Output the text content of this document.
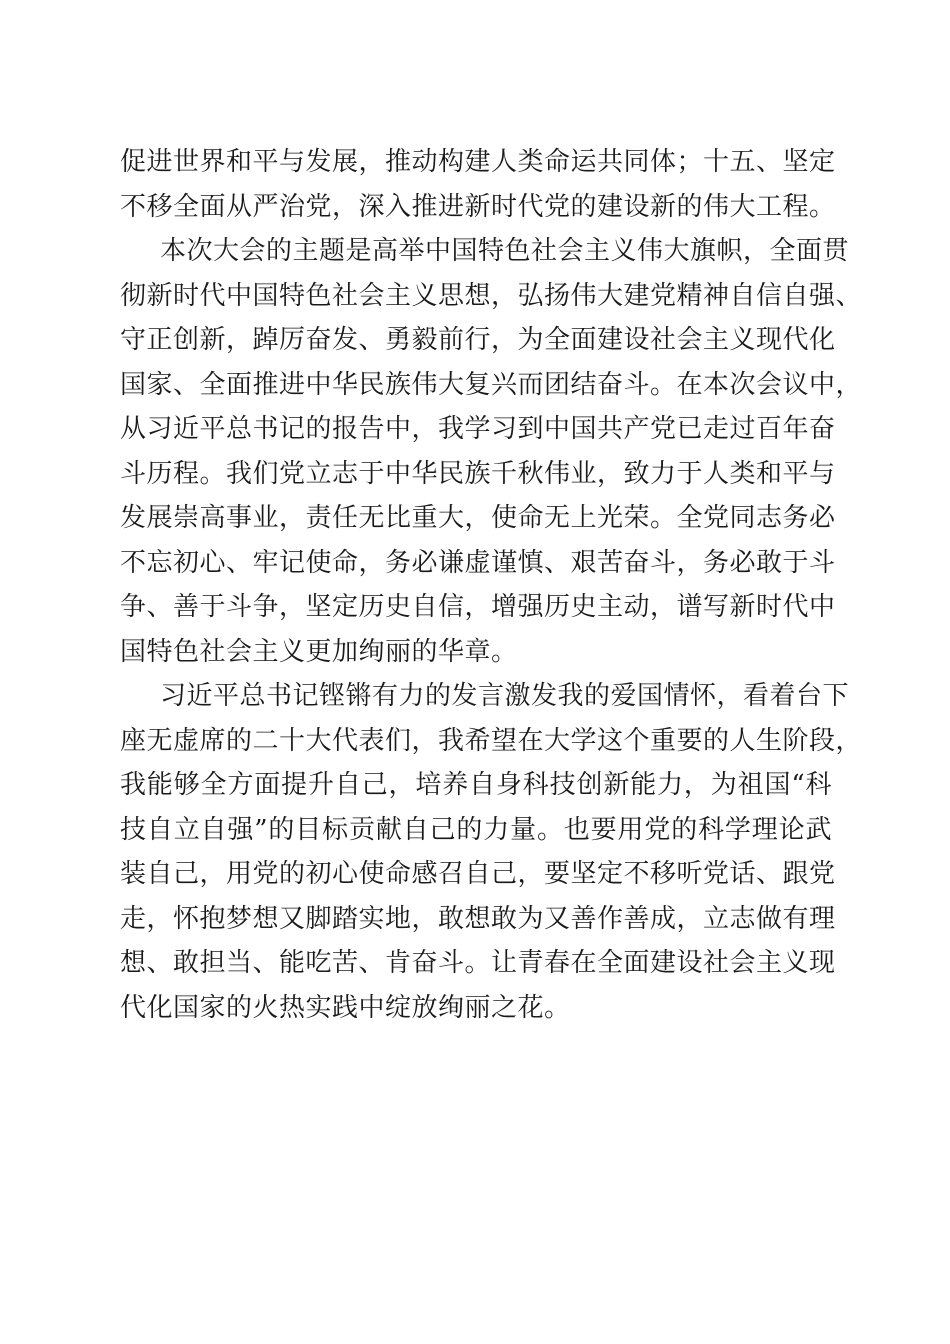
促进世界和平与发展，推动构建人类命运共同体；十五、坚定
不移全面从严治党，深入推进新时代党的建设新的伟大工程。
本次大会的主题是高举中国特色社会主义伟大旗帜，全面贯
彻新时代中国特色社会主义思想，弘扬伟大建党精神自信自强、
守正创新，踔厉奋发、勇毅前行，为全面建设社会主义现代化
国家、全面推进中华民族伟大复兴而团结奋斗。在本次会议中，
从习近平总书记的报告中，我学习到中国共产党已走过百年奋
斗历程。我们党立志于中华民族千秋伟业，致力于人类和平与
发展崇高事业，责任无比重大，使命无上光荣。全党同志务必
不忘初心、牢记使命，务必谦虚谨慎、艰苦奋斗，务必敢于斗
争、善于斗争，坚定历史自信，增强历史主动，谱写新时代中
国特色社会主义更加绚丽的华章。
习近平总书记铿锵有力的发言激发我的爱国情怀，看着台下
座无虚席的二十大代表们，我希望在大学这个重要的人生阶段，
我能够全方面提升自己，培养自身科技创新能力，为祖国“科
技自立自强”的目标贡献自己的力量。也要用党的科学理论武
装自己，用党的初心使命感召自己，要坚定不移听党话、跟党
走，怀抱梦想又脚踏实地，敢想敢为又善作善成，立志做有理
想、敢担当、能吃苦、肯奋斗。让青春在全面建设社会主义现
代化国家的火热实践中绽放绚丽之花。
